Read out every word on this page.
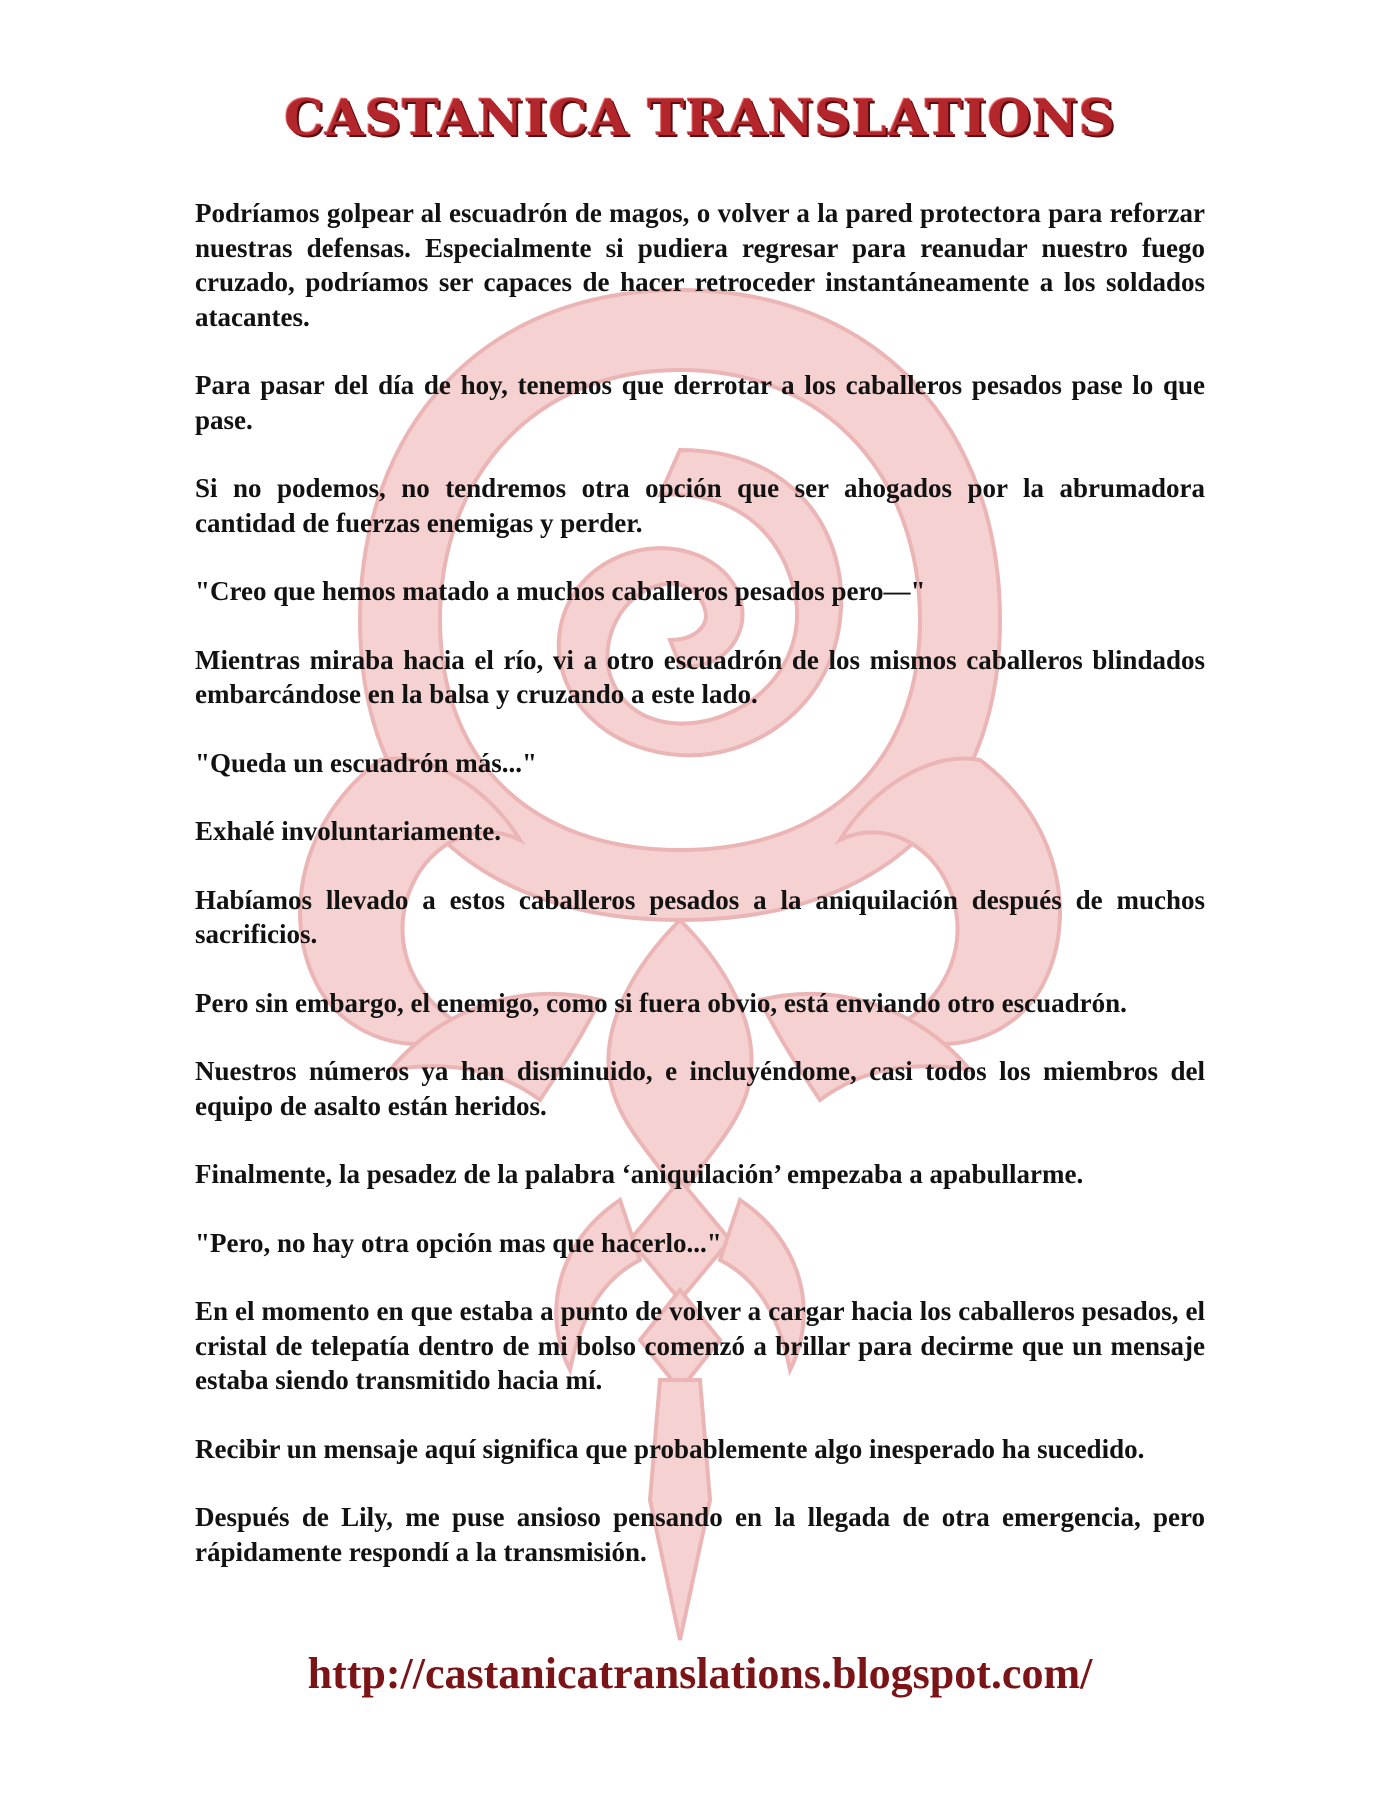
CASTANICA TRANSLATIONS

Podríamos golpear al escuadrón de magos, o volver a la pared protectora para reforzar nuestras defensas. Especialmente si pudiera regresar para reanudar nuestro fuego cruzado, podríamos ser capaces de hacer retroceder instantáneamente a los soldados atacantes.

Para pasar del día de hoy, tenemos que derrotar a los caballeros pesados pase lo que pase.

Si no podemos, no tendremos otra opción que ser ahogados por la abrumadora cantidad de fuerzas enemigas y perder.

"Creo que hemos matado a muchos caballeros pesados pero—"

Mientras miraba hacia el río, vi a otro escuadrón de los mismos caballeros blindados embarcándose en la balsa y cruzando a este lado.

"Queda un escuadrón más..."

Exhalé involuntariamente.

Habíamos llevado a estos caballeros pesados a la aniquilación después de muchos sacrificios.

Pero sin embargo, el enemigo, como si fuera obvio, está enviando otro escuadrón.

Nuestros números ya han disminuido, e incluyéndome, casi todos los miembros del equipo de asalto están heridos.

Finalmente, la pesadez de la palabra ‘aniquilación’ empezaba a apabullarme.

"Pero, no hay otra opción mas que hacerlo..."

En el momento en que estaba a punto de volver a cargar hacia los caballeros pesados, el cristal de telepatía dentro de mi bolso comenzó a brillar para decirme que un mensaje estaba siendo transmitido hacia mí.

Recibir un mensaje aquí significa que probablemente algo inesperado ha sucedido.

Después de Lily, me puse ansioso pensando en la llegada de otra emergencia, pero rápidamente respondí a la transmisión.

http://castanicatranslations.blogspot.com/
